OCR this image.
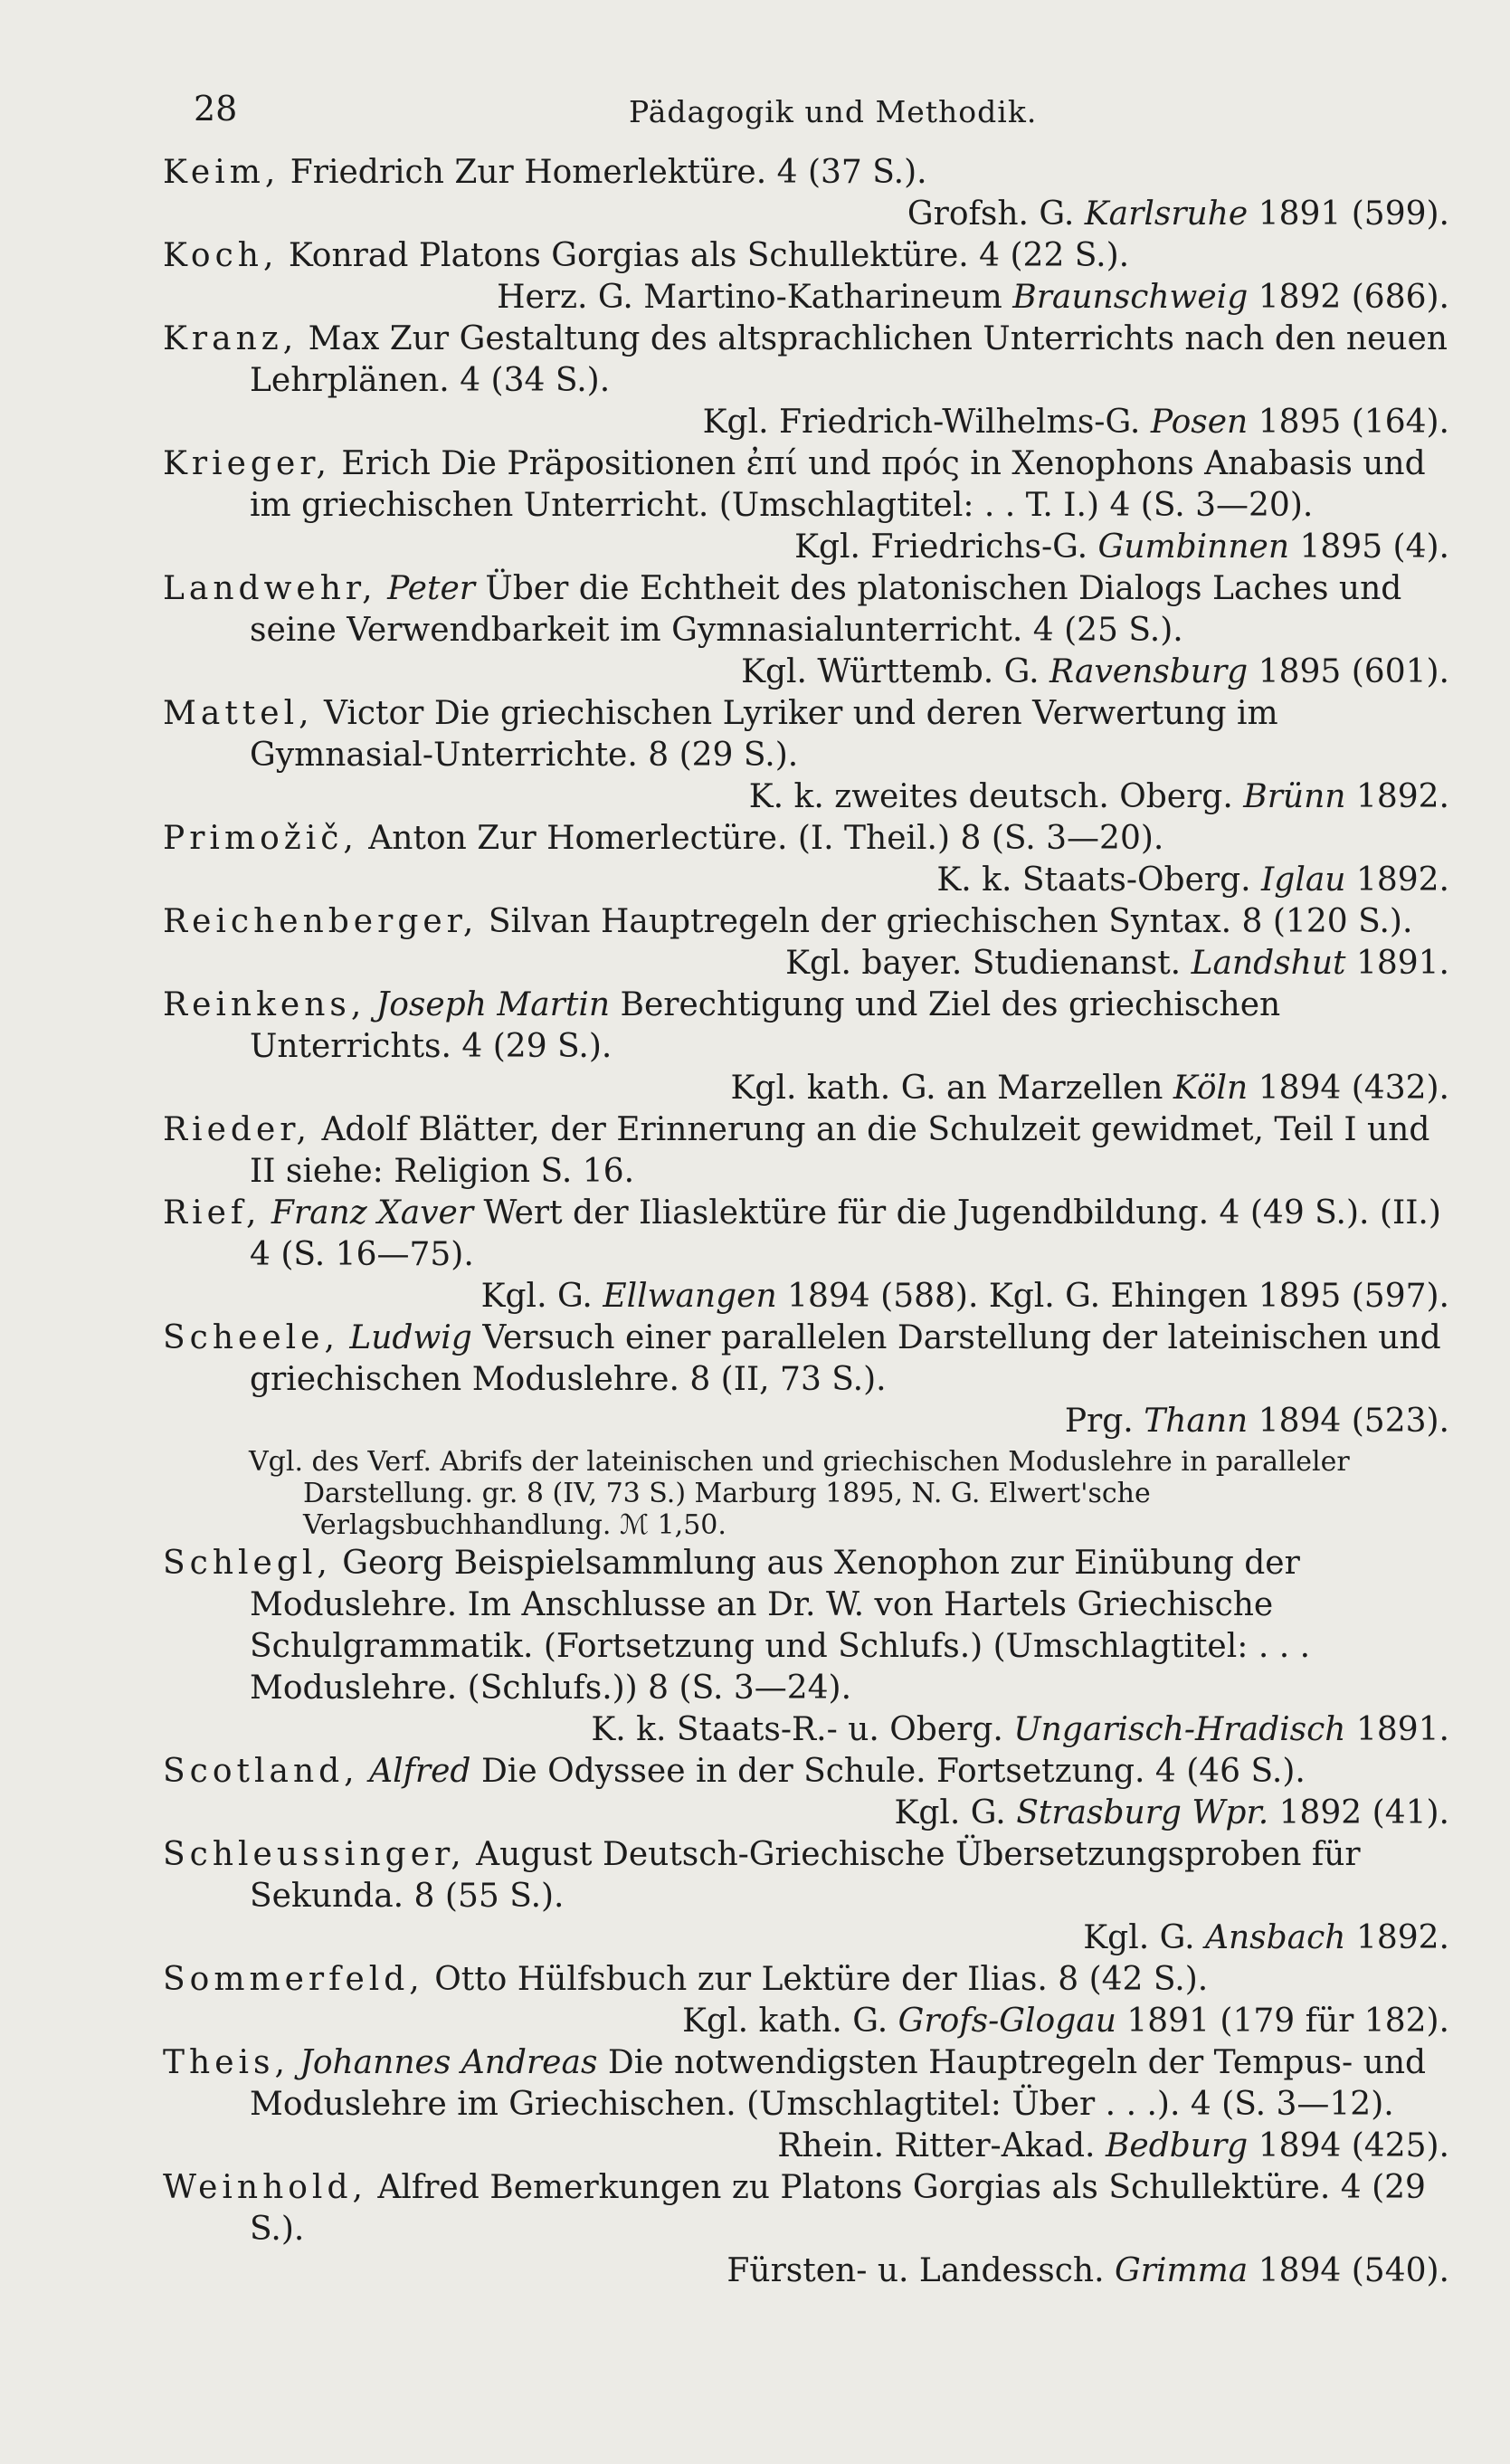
28	Pädagogik und Methodik.
Keim, Friedrich Zur Homerlektüre. 4 (37 S.).
Grofsh. G. Karlsruhe 1891 (599).
Koch, Konrad Platons Gorgias als Schullektüre. 4 (22 S.).
Herz. G. Martino-Katharineum Braunschweig 1892 (686).
Kranz, Max Zur Gestaltung des altsprachlichen Unterrichts nach den neuen Lehrplänen. 4 (34 S.).
Kgl. Friedrich-Wilhelms-G. Posen 1895 (164).
Krieger, Erich Die Präpositionen ἐπί und πρός in Xenophons Anabasis und im griechischen Unterricht. (Umschlagtitel: . . T. I.) 4 (S. 3—20).
Kgl. Friedrichs-G. Gumbinnen 1895 (4).
Landwehr, Peter Über die Echtheit des platonischen Dialogs Laches und seine Verwendbarkeit im Gymnasialunterricht. 4 (25 S.).
Kgl. Württemb. G. Ravensburg 1895 (601).
Mattel, Victor Die griechischen Lyriker und deren Verwertung im Gymnasial-Unterrichte. 8 (29 S.).
K. k. zweites deutsch. Oberg. Brünn 1892.
Primožič, Anton Zur Homerlectüre. (I. Theil.) 8 (S. 3—20).
K. k. Staats-Oberg. Iglau 1892.
Reichenberger, Silvan Hauptregeln der griechischen Syntax. 8 (120 S.).
Kgl. bayer. Studienanst. Landshut 1891.
Reinkens, Joseph Martin Berechtigung und Ziel des griechischen Unterrichts. 4 (29 S.).
Kgl. kath. G. an Marzellen Köln 1894 (432).
Rieder, Adolf Blätter, der Erinnerung an die Schulzeit gewidmet, Teil I und II siehe: Religion S. 16.
Rief, Franz Xaver Wert der Iliaslektüre für die Jugendbildung. 4 (49 S.). (II.) 4 (S. 16—75).
Kgl. G. Ellwangen 1894 (588). Kgl. G. Ehingen 1895 (597).
Scheele, Ludwig Versuch einer parallelen Darstellung der lateinischen und griechischen Moduslehre. 8 (II, 73 S.).
Prg. Thann 1894 (523).
Vgl. des Verf. Abrifs der lateinischen und griechischen Moduslehre in paralleler Darstellung. gr. 8 (IV, 73 S.) Marburg 1895, N. G. Elwert'sche Verlagsbuchhandlung. ℳ 1,50.
Schlegl, Georg Beispielsammlung aus Xenophon zur Einübung der Moduslehre. Im Anschlusse an Dr. W. von Hartels Griechische Schulgrammatik. (Fortsetzung und Schlufs.) (Umschlagtitel: . . . Moduslehre. (Schlufs.)) 8 (S. 3—24).
K. k. Staats-R.- u. Oberg. Ungarisch-Hradisch 1891.
Scotland, Alfred Die Odyssee in der Schule. Fortsetzung. 4 (46 S.).
Kgl. G. Strasburg Wpr. 1892 (41).
Schleussinger, August Deutsch-Griechische Übersetzungsproben für Sekunda. 8 (55 S.).
Kgl. G. Ansbach 1892.
Sommerfeld, Otto Hülfsbuch zur Lektüre der Ilias. 8 (42 S.).
Kgl. kath. G. Grofs-Glogau 1891 (179 für 182).
Theis, Johannes Andreas Die notwendigsten Hauptregeln der Tempus- und Moduslehre im Griechischen. (Umschlagtitel: Über . . .). 4 (S. 3—12).
Rhein. Ritter-Akad. Bedburg 1894 (425).
Weinhold, Alfred Bemerkungen zu Platons Gorgias als Schullektüre. 4 (29 S.).
Fürsten- u. Landessch. Grimma 1894 (540).
